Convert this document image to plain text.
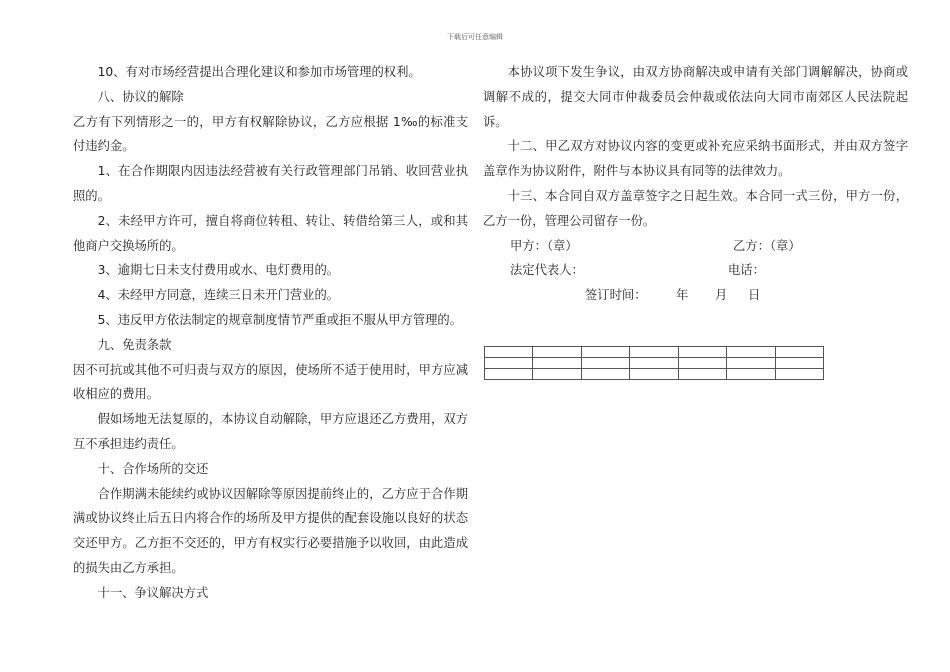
下载后可任意编辑

10、有对市场经营提出合理化建议和参加市场管理的权利。

八、协议的解除

乙方有下列情形之一的，甲方有权解除协议，乙方应根据 1‰的标准支付违约金。

1、在合作期限内因违法经营被有关行政管理部门吊销、收回营业执照的。

2、未经甲方许可，擅自将商位转租、转让、转借给第三人，或和其他商户交换场所的。

3、逾期七日未支付费用或水、电灯费用的。

4、未经甲方同意，连续三日未开门营业的。

5、违反甲方依法制定的规章制度情节严重或拒不服从甲方管理的。

九、免责条款

因不可抗或其他不可归责与双方的原因，使场所不适于使用时，甲方应减收相应的费用。

假如场地无法复原的，本协议自动解除，甲方应退还乙方费用，双方互不承担违约责任。

十、合作场所的交还

合作期满未能续约或协议因解除等原因提前终止的，乙方应于合作期满或协议终止后五日内将合作的场所及甲方提供的配套设施以良好的状态交还甲方。乙方拒不交还的，甲方有权实行必要措施予以收回，由此造成的损失由乙方承担。

十一、争议解决方式

本协议项下发生争议，由双方协商解决或申请有关部门调解解决，协商或调解不成的，提交大同市仲裁委员会仲裁或依法向大同市南郊区人民法院起诉。

十二、甲乙双方对协议内容的变更或补充应采纳书面形式，并由双方签字盖章作为协议附件，附件与本协议具有同等的法律效力。

十三、本合同自双方盖章签字之日起生效。本合同一式三份，甲方一份，乙方一份，管理公司留存一份。

甲方：（章）	乙方：（章）
法定代表人：	电话：
签订时间： 年 月 日
